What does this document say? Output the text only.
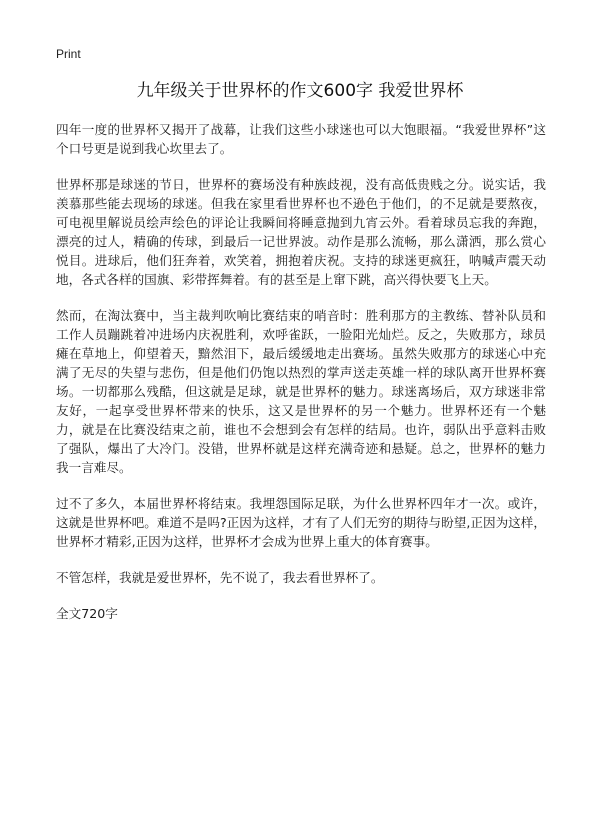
Print
九年级关于世界杯的作文600字 我爱世界杯

四年一度的世界杯又揭开了战幕，让我们这些小球迷也可以大饱眼福。“我爱世界杯”这个口号更是说到我心坎里去了。

世界杯那是球迷的节日，世界杯的赛场没有种族歧视，没有高低贵贱之分。说实话，我羡慕那些能去现场的球迷。但我在家里看世界杯也不逊色于他们，的不足就是要熬夜，可电视里解说员绘声绘色的评论让我瞬间将睡意抛到九宵云外。看着球员忘我的奔跑，漂亮的过人，精确的传球，到最后一记世界波。动作是那么流畅，那么潇洒，那么赏心悦目。进球后，他们狂奔着，欢笑着，拥抱着庆祝。支持的球迷更疯狂，呐喊声震天动地，各式各样的国旗、彩带挥舞着。有的甚至是上窜下跳，高兴得快要飞上天。

然而，在淘汰赛中，当主裁判吹响比赛结束的哨音时：胜利那方的主教练、替补队员和工作人员蹦跳着冲进场内庆祝胜利，欢呼雀跃，一脸阳光灿烂。反之，失败那方，球员瘫在草地上，仰望着天，黯然泪下，最后缓缓地走出赛场。虽然失败那方的球迷心中充满了无尽的失望与悲伤，但是他们仍饱以热烈的掌声送走英雄一样的球队离开世界杯赛场。一切都那么残酷，但这就是足球，就是世界杯的魅力。球迷离场后，双方球迷非常友好，一起享受世界杯带来的快乐，这又是世界杯的另一个魅力。世界杯还有一个魅力，就是在比赛没结束之前，谁也不会想到会有怎样的结局。也许，弱队出乎意料击败了强队，爆出了大冷门。没错，世界杯就是这样充满奇迹和悬疑。总之，世界杯的魅力我一言难尽。

过不了多久，本届世界杯将结束。我埋怨国际足联，为什么世界杯四年才一次。或许，这就是世界杯吧。难道不是吗?正因为这样，才有了人们无穷的期待与盼望,正因为这样，世界杯才精彩,正因为这样，世界杯才会成为世界上重大的体育赛事。

不管怎样，我就是爱世界杯，先不说了，我去看世界杯了。

全文720字
